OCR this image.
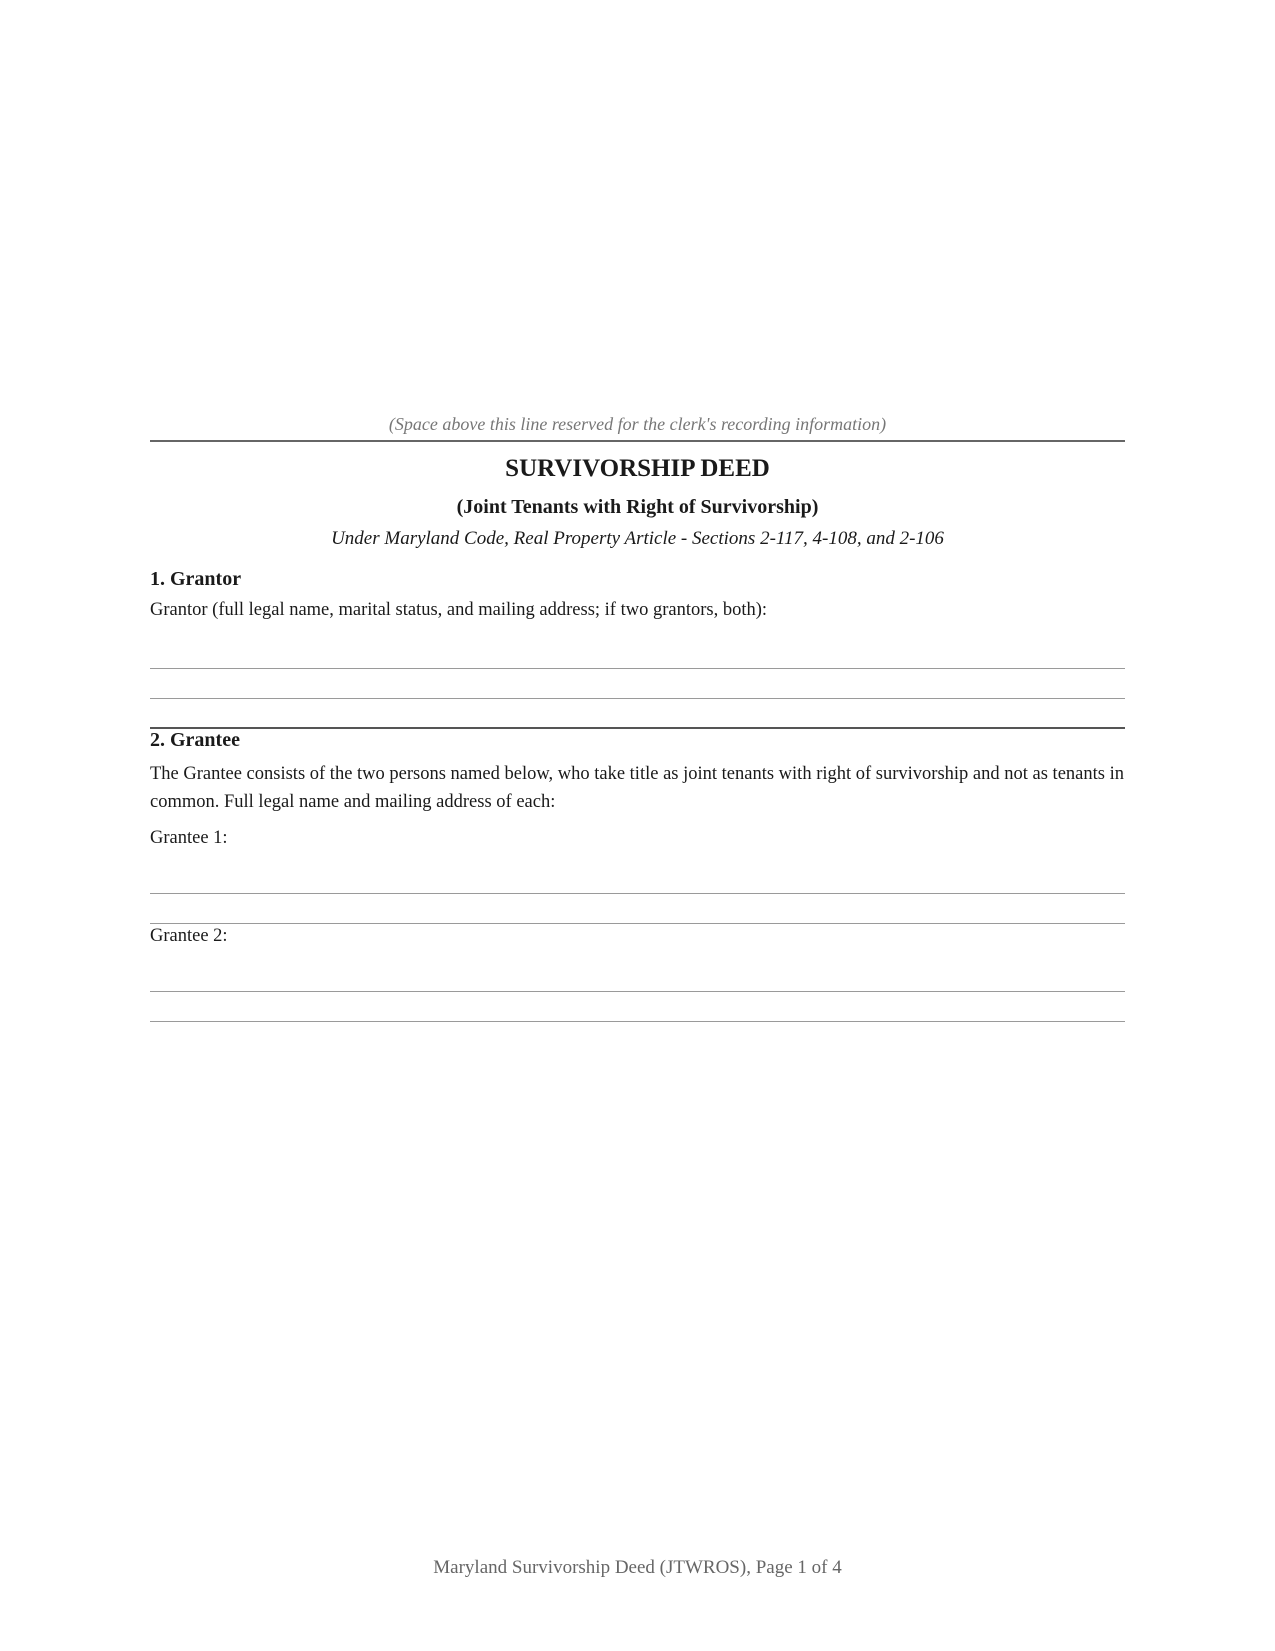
(Space above this line reserved for the clerk's recording information)
SURVIVORSHIP DEED
(Joint Tenants with Right of Survivorship)
Under Maryland Code, Real Property Article - Sections 2-117, 4-108, and 2-106
1. Grantor
Grantor (full legal name, marital status, and mailing address; if two grantors, both):
2. Grantee
The Grantee consists of the two persons named below, who take title as joint tenants with right of survivorship and not as tenants in common. Full legal name and mailing address of each:
Grantee 1:
Grantee 2:
Maryland Survivorship Deed (JTWROS), Page 1 of 4
